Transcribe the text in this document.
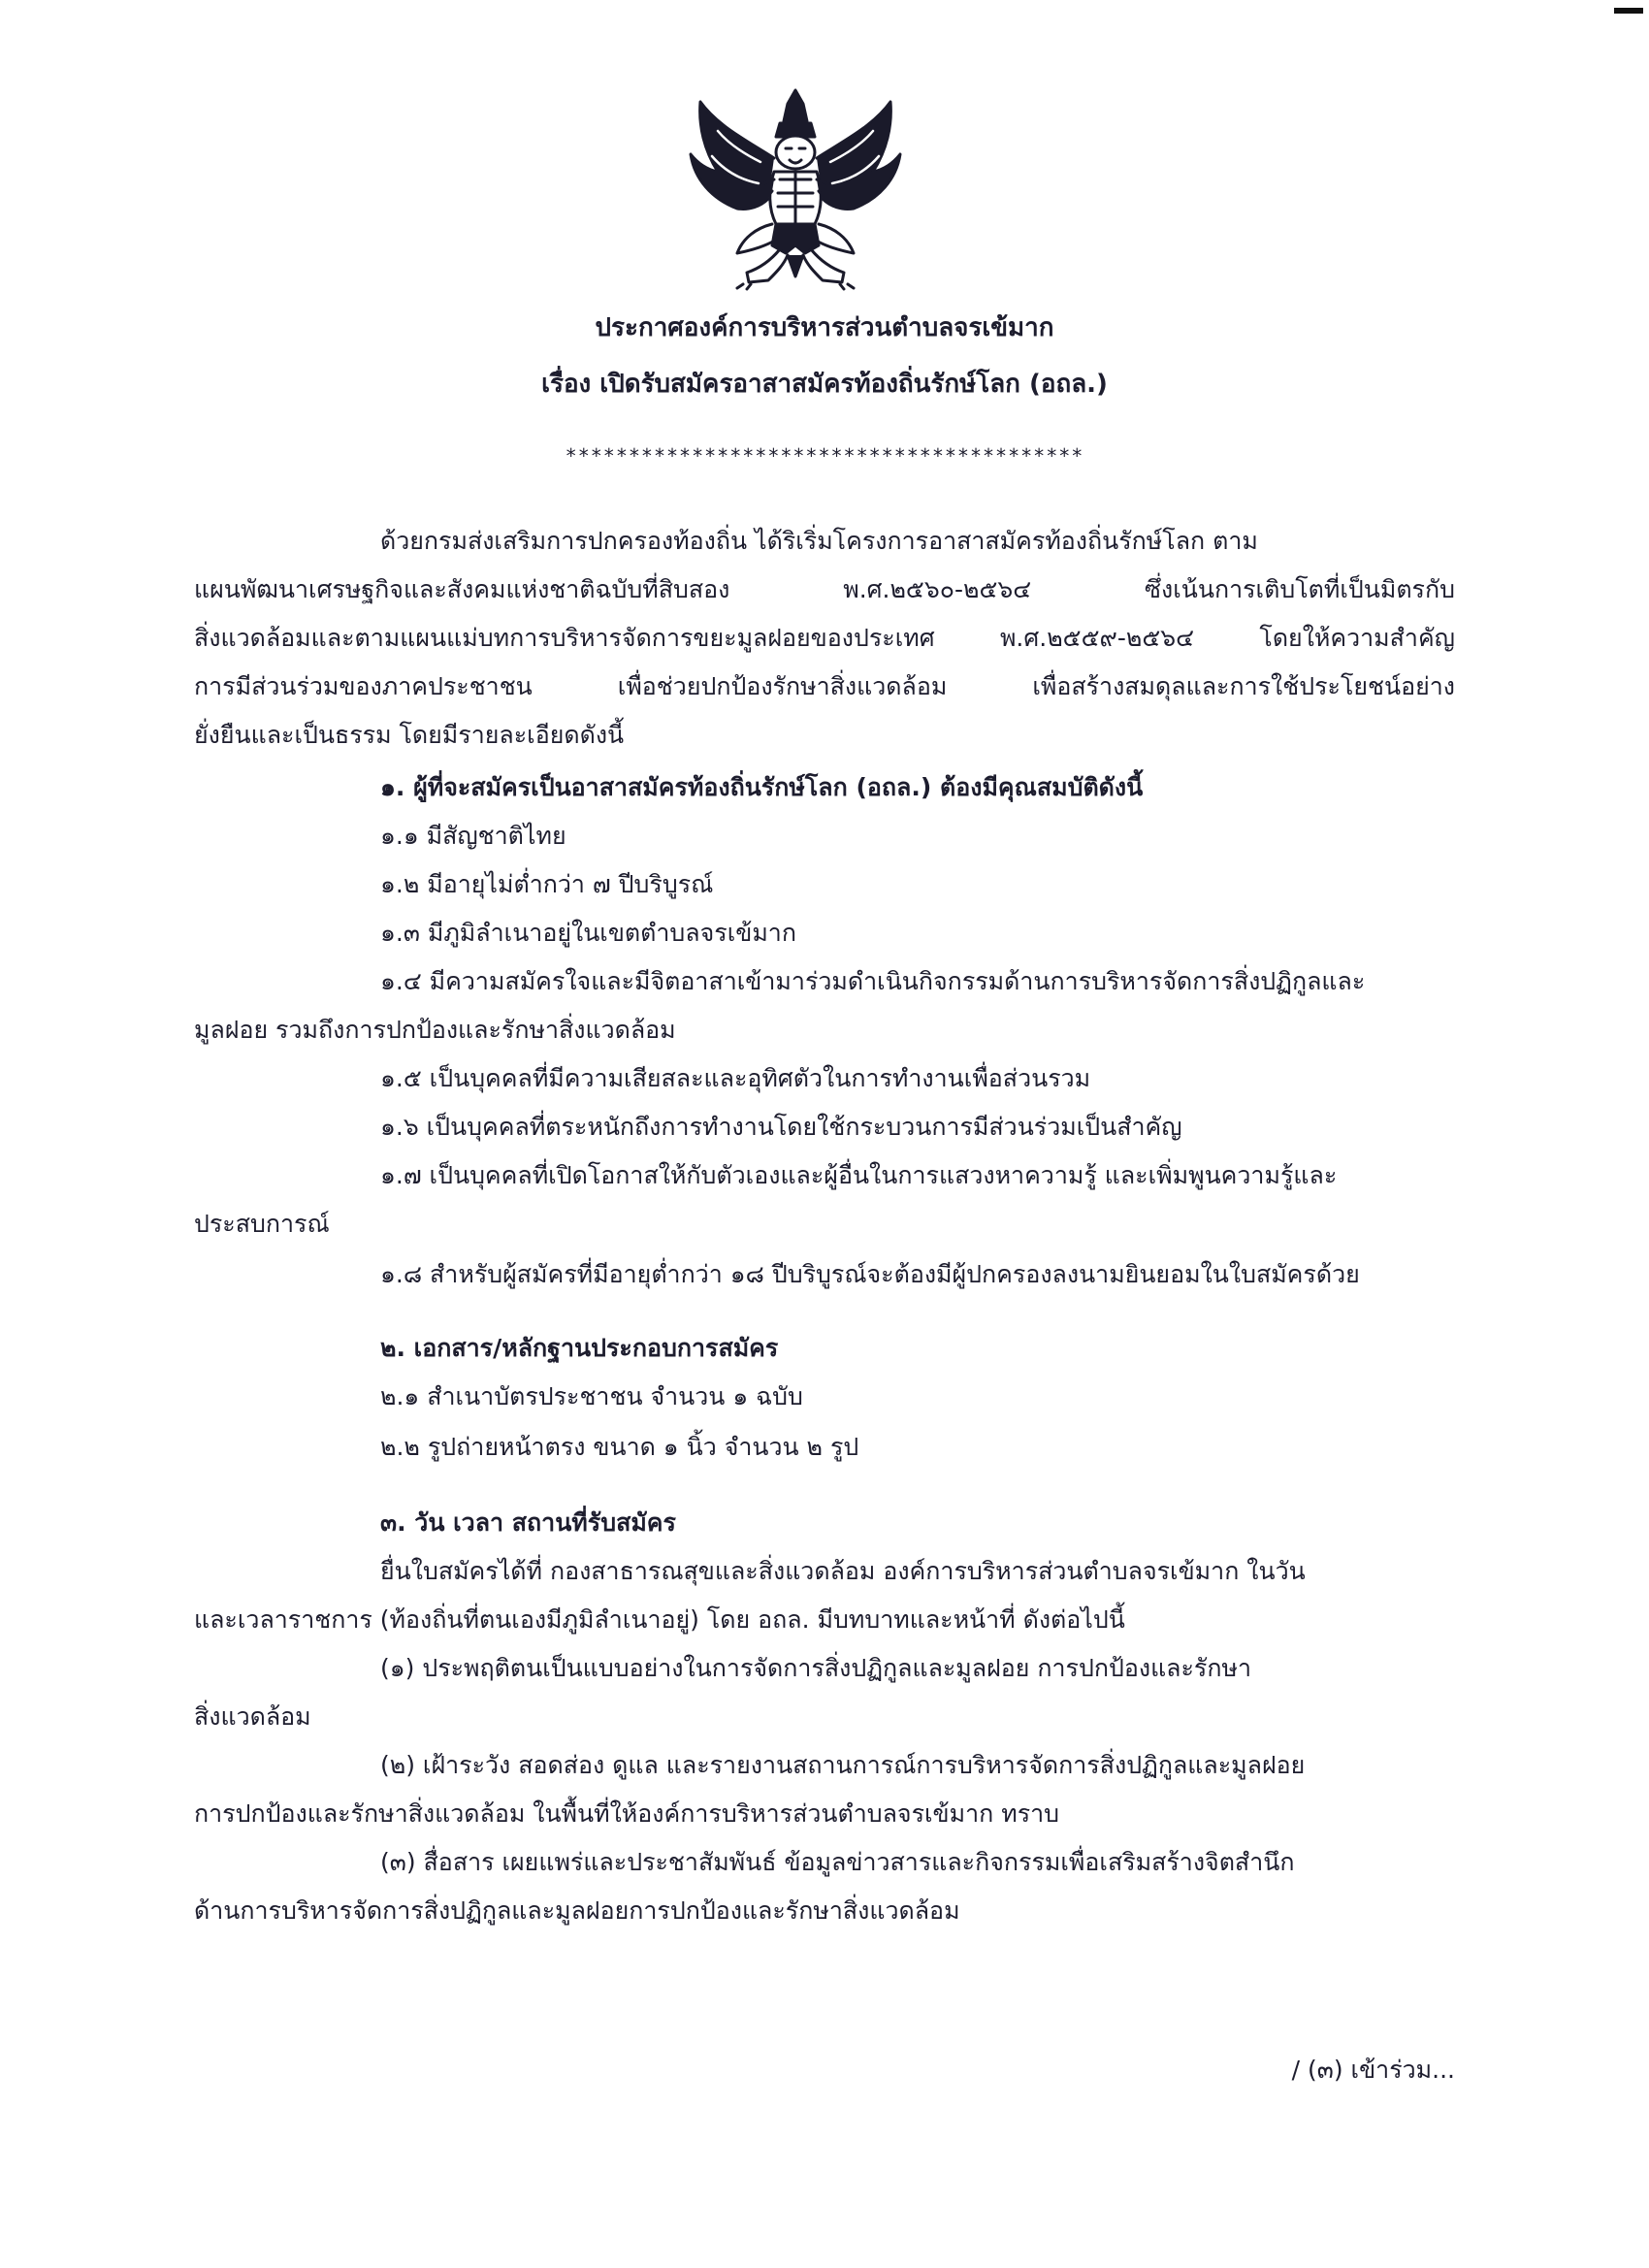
ประกาศองค์การบริหารส่วนตำบลจรเข้มาก
เรื่อง เปิดรับสมัครอาสาสมัครท้องถิ่นรักษ์โลก (อถล.)
*****************************************
ด้วยกรมส่งเสริมการปกครองท้องถิ่น ได้ริเริ่มโครงการอาสาสมัครท้องถิ่นรักษ์โลก ตาม
แผนพัฒนาเศรษฐกิจและสังคมแห่งชาติฉบับที่สิบสอง พ.ศ.๒๕๖๐-๒๕๖๔ ซึ่งเน้นการเติบโตที่เป็นมิตรกับ
สิ่งแวดล้อมและตามแผนแม่บทการบริหารจัดการขยะมูลฝอยของประเทศ พ.ศ.๒๕๕๙-๒๕๖๔ โดยให้ความสำคัญ
การมีส่วนร่วมของภาคประชาชน เพื่อช่วยปกป้องรักษาสิ่งแวดล้อม เพื่อสร้างสมดุลและการใช้ประโยชน์อย่าง
ยั่งยืนและเป็นธรรม โดยมีรายละเอียดดังนี้
๑. ผู้ที่จะสมัครเป็นอาสาสมัครท้องถิ่นรักษ์โลก (อถล.) ต้องมีคุณสมบัติดังนี้
๑.๑ มีสัญชาติไทย
๑.๒ มีอายุไม่ต่ำกว่า ๗ ปีบริบูรณ์
๑.๓ มีภูมิลำเนาอยู่ในเขตตำบลจรเข้มาก
๑.๔ มีความสมัครใจและมีจิตอาสาเข้ามาร่วมดำเนินกิจกรรมด้านการบริหารจัดการสิ่งปฏิกูลและ
มูลฝอย รวมถึงการปกป้องและรักษาสิ่งแวดล้อม
๑.๕ เป็นบุคคลที่มีความเสียสละและอุทิศตัวในการทำงานเพื่อส่วนรวม
๑.๖ เป็นบุคคลที่ตระหนักถึงการทำงานโดยใช้กระบวนการมีส่วนร่วมเป็นสำคัญ
๑.๗ เป็นบุคคลที่เปิดโอกาสให้กับตัวเองและผู้อื่นในการแสวงหาความรู้ และเพิ่มพูนความรู้และ
ประสบการณ์
๑.๘ สำหรับผู้สมัครที่มีอายุต่ำกว่า ๑๘ ปีบริบูรณ์จะต้องมีผู้ปกครองลงนามยินยอมในใบสมัครด้วย
๒. เอกสาร/หลักฐานประกอบการสมัคร
๒.๑ สำเนาบัตรประชาชน จำนวน ๑ ฉบับ
๒.๒ รูปถ่ายหน้าตรง ขนาด ๑ นิ้ว จำนวน ๒ รูป
๓. วัน เวลา สถานที่รับสมัคร
ยื่นใบสมัครได้ที่ กองสาธารณสุขและสิ่งแวดล้อม องค์การบริหารส่วนตำบลจรเข้มาก ในวัน
และเวลาราชการ (ท้องถิ่นที่ตนเองมีภูมิลำเนาอยู่) โดย อถล. มีบทบาทและหน้าที่ ดังต่อไปนี้
(๑) ประพฤติตนเป็นแบบอย่างในการจัดการสิ่งปฏิกูลและมูลฝอย การปกป้องและรักษา
สิ่งแวดล้อม
(๒) เฝ้าระวัง สอดส่อง ดูแล และรายงานสถานการณ์การบริหารจัดการสิ่งปฏิกูลและมูลฝอย
การปกป้องและรักษาสิ่งแวดล้อม ในพื้นที่ให้องค์การบริหารส่วนตำบลจรเข้มาก ทราบ
(๓) สื่อสาร เผยแพร่และประชาสัมพันธ์ ข้อมูลข่าวสารและกิจกรรมเพื่อเสริมสร้างจิตสำนึก
ด้านการบริหารจัดการสิ่งปฏิกูลและมูลฝอยการปกป้องและรักษาสิ่งแวดล้อม
/ (๓) เข้าร่วม...
